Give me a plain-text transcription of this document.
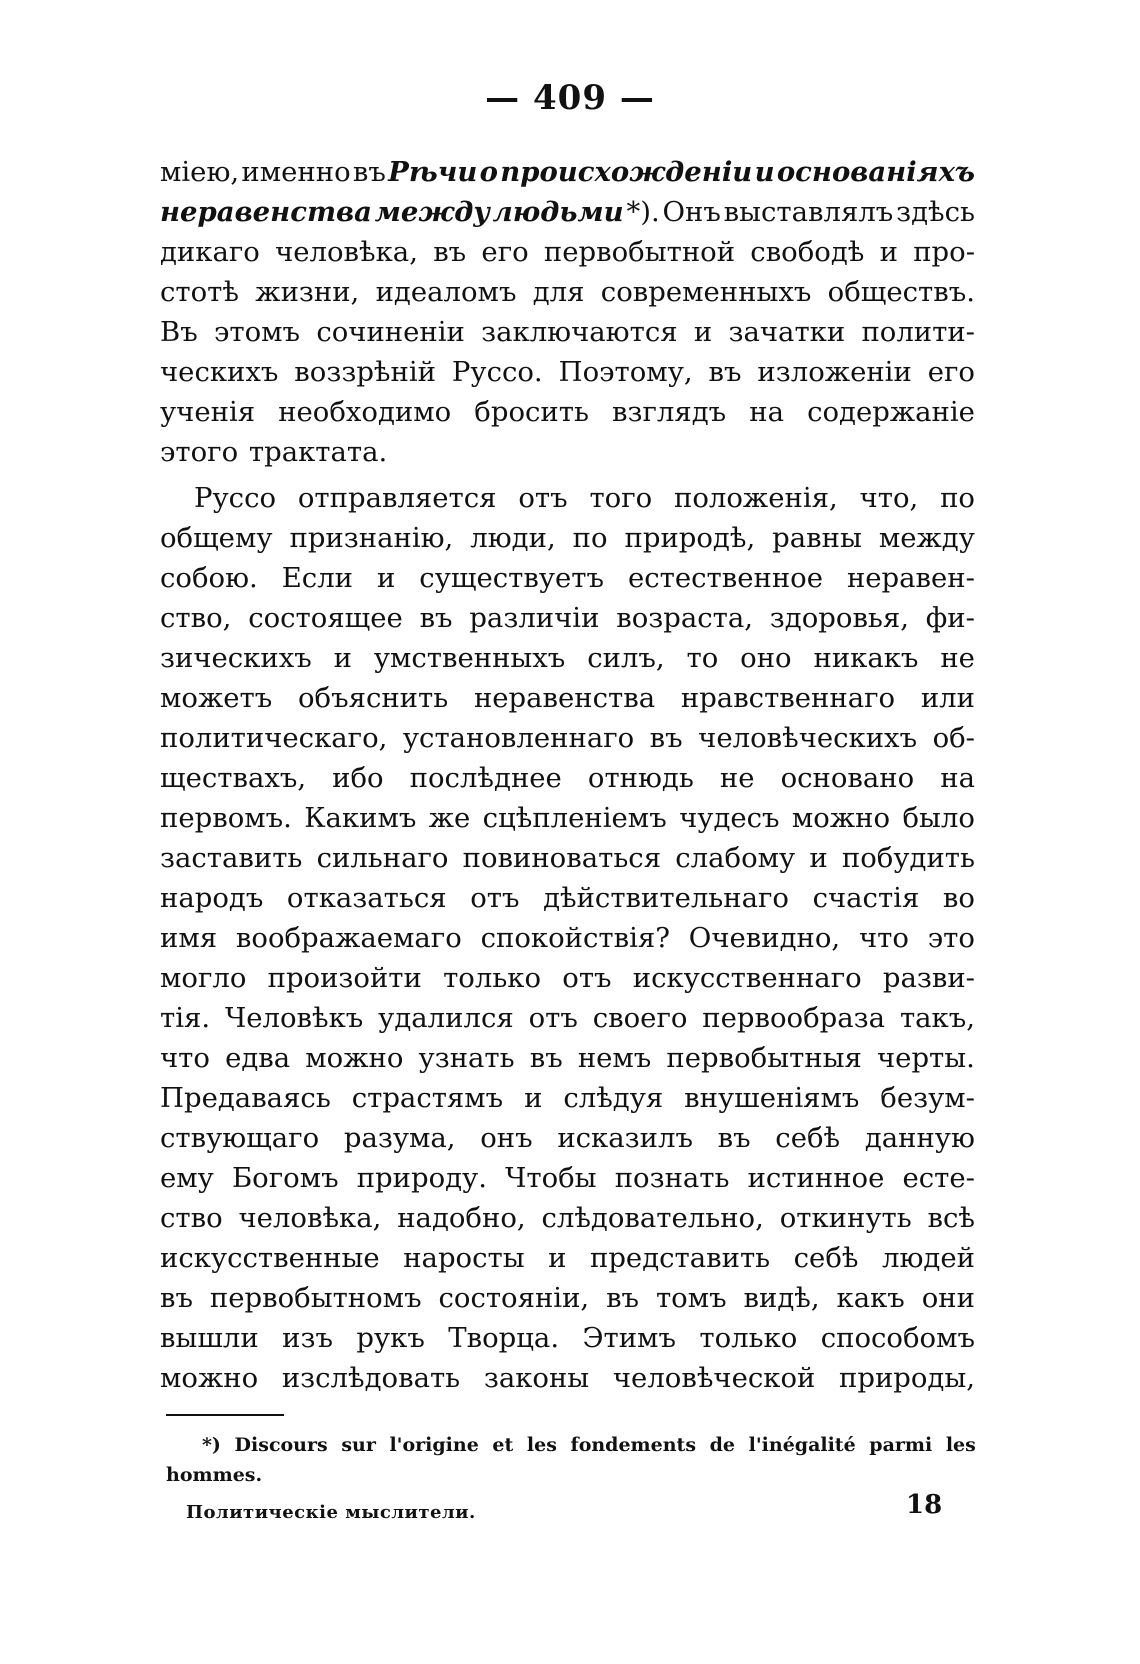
— 409 —
міею, именно въ Рѣчи о происхожденіи и основаніяхъ
неравенства между людьми *). Онъ выставлялъ здѣсь
дикаго человѣка, въ его первобытной свободѣ и про-
стотѣ жизни, идеаломъ для современныхъ обществъ.
Въ этомъ сочиненіи заключаются и зачатки полити-
ческихъ воззрѣній Руссо. Поэтому, въ изложеніи его
ученія необходимо бросить взглядъ на содержаніе
этого трактата.
Руссо отправляется отъ того положенія, что, по
общему признанію, люди, по природѣ, равны между
собою. Если и существуетъ естественное неравен-
ство, состоящее въ различіи возраста, здоровья, фи-
зическихъ и умственныхъ силъ, то оно никакъ не
можетъ объяснить неравенства нравственнаго или
политическаго, установленнаго въ человѣческихъ об-
ществахъ, ибо послѣднее отнюдь не основано на
первомъ. Какимъ же сцѣпленіемъ чудесъ можно было
заставить сильнаго повиноваться слабому и побудить
народъ отказаться отъ дѣйствительнаго счастія во
имя воображаемаго спокойствія? Очевидно, что это
могло произойти только отъ искусственнаго разви-
тія. Человѣкъ удалился отъ своего первообраза такъ,
что едва можно узнать въ немъ первобытныя черты.
Предаваясь страстямъ и слѣдуя внушеніямъ безум-
ствующаго разума, онъ исказилъ въ себѣ данную
ему Богомъ природу. Чтобы познать истинное есте-
ство человѣка, надобно, слѣдовательно, откинуть всѣ
искусственные наросты и представить себѣ людей
въ первобытномъ состояніи, въ томъ видѣ, какъ они
вышли изъ рукъ Творца. Этимъ только способомъ
можно изслѣдовать законы человѣческой природы,
*) Discours sur l'origine et les fondements de l'inégalité parmi les
hommes.
Политическіе мыслители.	18
